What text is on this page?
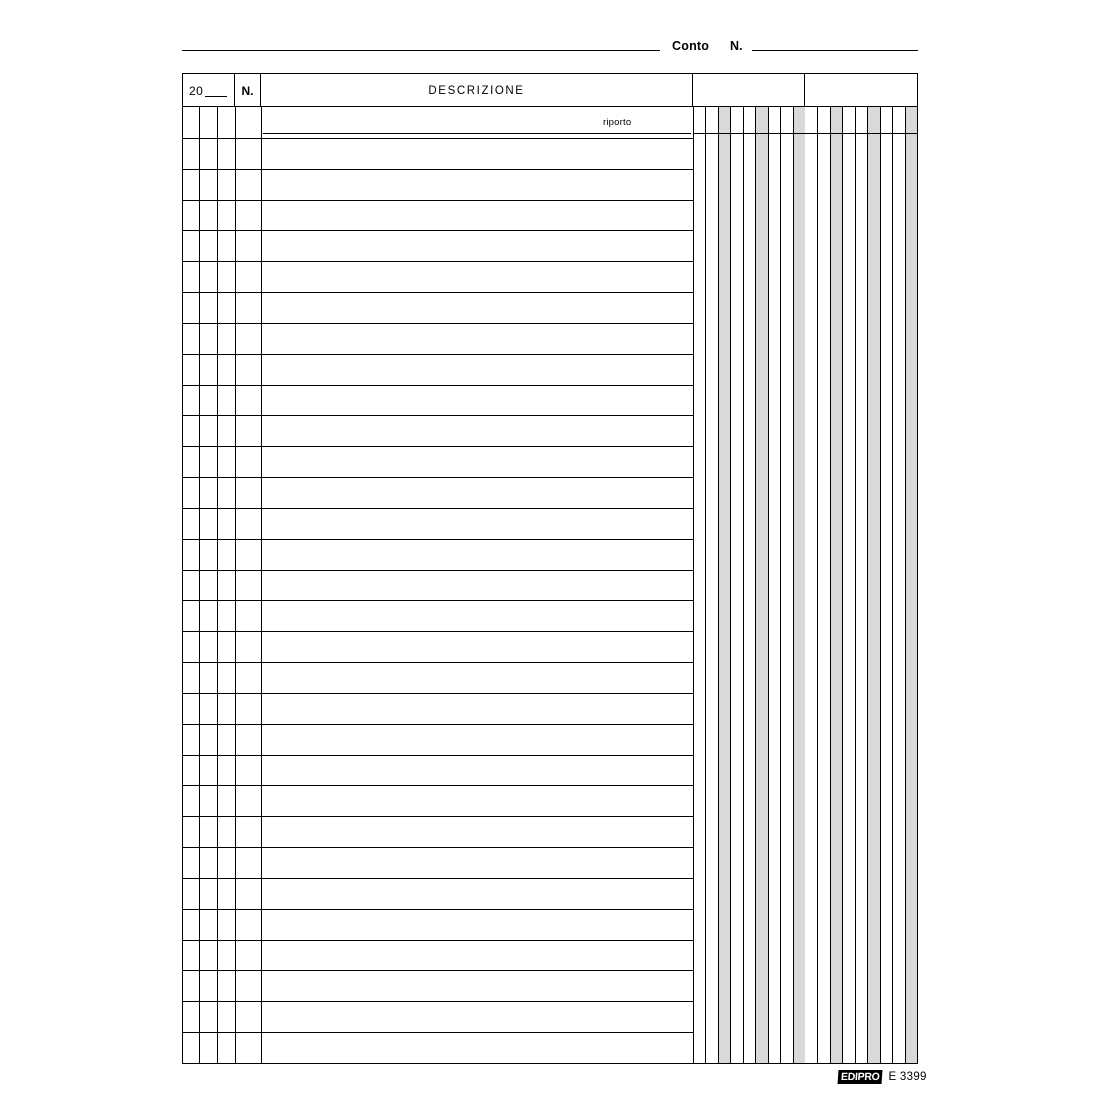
Conto N.
20	N.	DESCRIZIONE
riporto
EDIPRO E 3399
